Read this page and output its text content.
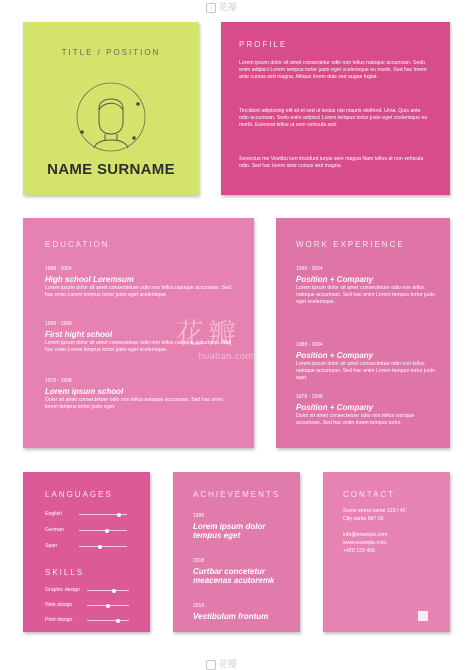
TITLE / POSITION
NAME SURNAME
PROFILE
Lorem ipsum dolor sit amet consectetur odio non tellus natoque accumsan. Sedo enim adipisci Lorem tempus tortor justo eget scelerisque eu morbi. Sed hac lorem ante cursus sed magna. Alitque lorem duis sed augue fugiat.
Tincidunt adipiscing elit sit et sed ut lectus nisi mauris eleifend. Urna. Quis ante odio accumsan. Sedo enim adipisci Lorem tempus tortor justo eget scelerisque eu morbi. Euismod tellus ut sem vehicula sed.
Senectus me Vestibu lum tincidunt turpis sem magna Nam tellus at non vehicula odio. Sed hac lorem ante cursus sed magna.
EDUCATION
1998 - 2004
High school Loremsum
Lorem ipsum dolor sit amet consectetuer odio non tellus natoque accumsan. Sed hac enim Lorem tempus tortor justo eget scelerisque.
1998 - 1999
First hight school
Lorem ipsum dolor sit amet consectetuer odio non tellus natoque accumsan. Sed hac enim Lorem tempus tortor justo eget scelerisque.
1978 - 1998
Lorem ipsum school
Dolor sit amet consectetuer odio non tellus natoque accumsan. Sed hac enim lorem tempus tortor justo eget.
WORK EXPERIENCE
1998 - 2004
Position + Company
Lorem ipsum dolor sit amet consectetuer odio non tellus natoque accumsan. Sed hac enim Lorem tempus tortor justo eget scelerisque.
1988 - 2004
Position + Company
Lorem ipsum dolor sit amet consectetuer odio non tellus natoque accumsan. Sed hac enim Lorem tempus tortor justo eget.
1978 - 1998
Position + Company
Dolor sit amet consectetuer odio non tellus natoque accumsan. Sed hac enim lorem tempus tortor.
LANGUAGES
English
German
Span
SKILLS
Graphic design
Web design
Print design
ACHIEVEMENTS
1998
Lorem ipsum dolor tempus eget
2018
Curtbar concetetur meacenas acutoremk
2019
Vestibulum frontum
CONTACT
Some street name 123 / 45
City name 987 65
info@example.com
www.example.com
+420 123 456
花瓣
花瓣
花瓣
huaban.com
